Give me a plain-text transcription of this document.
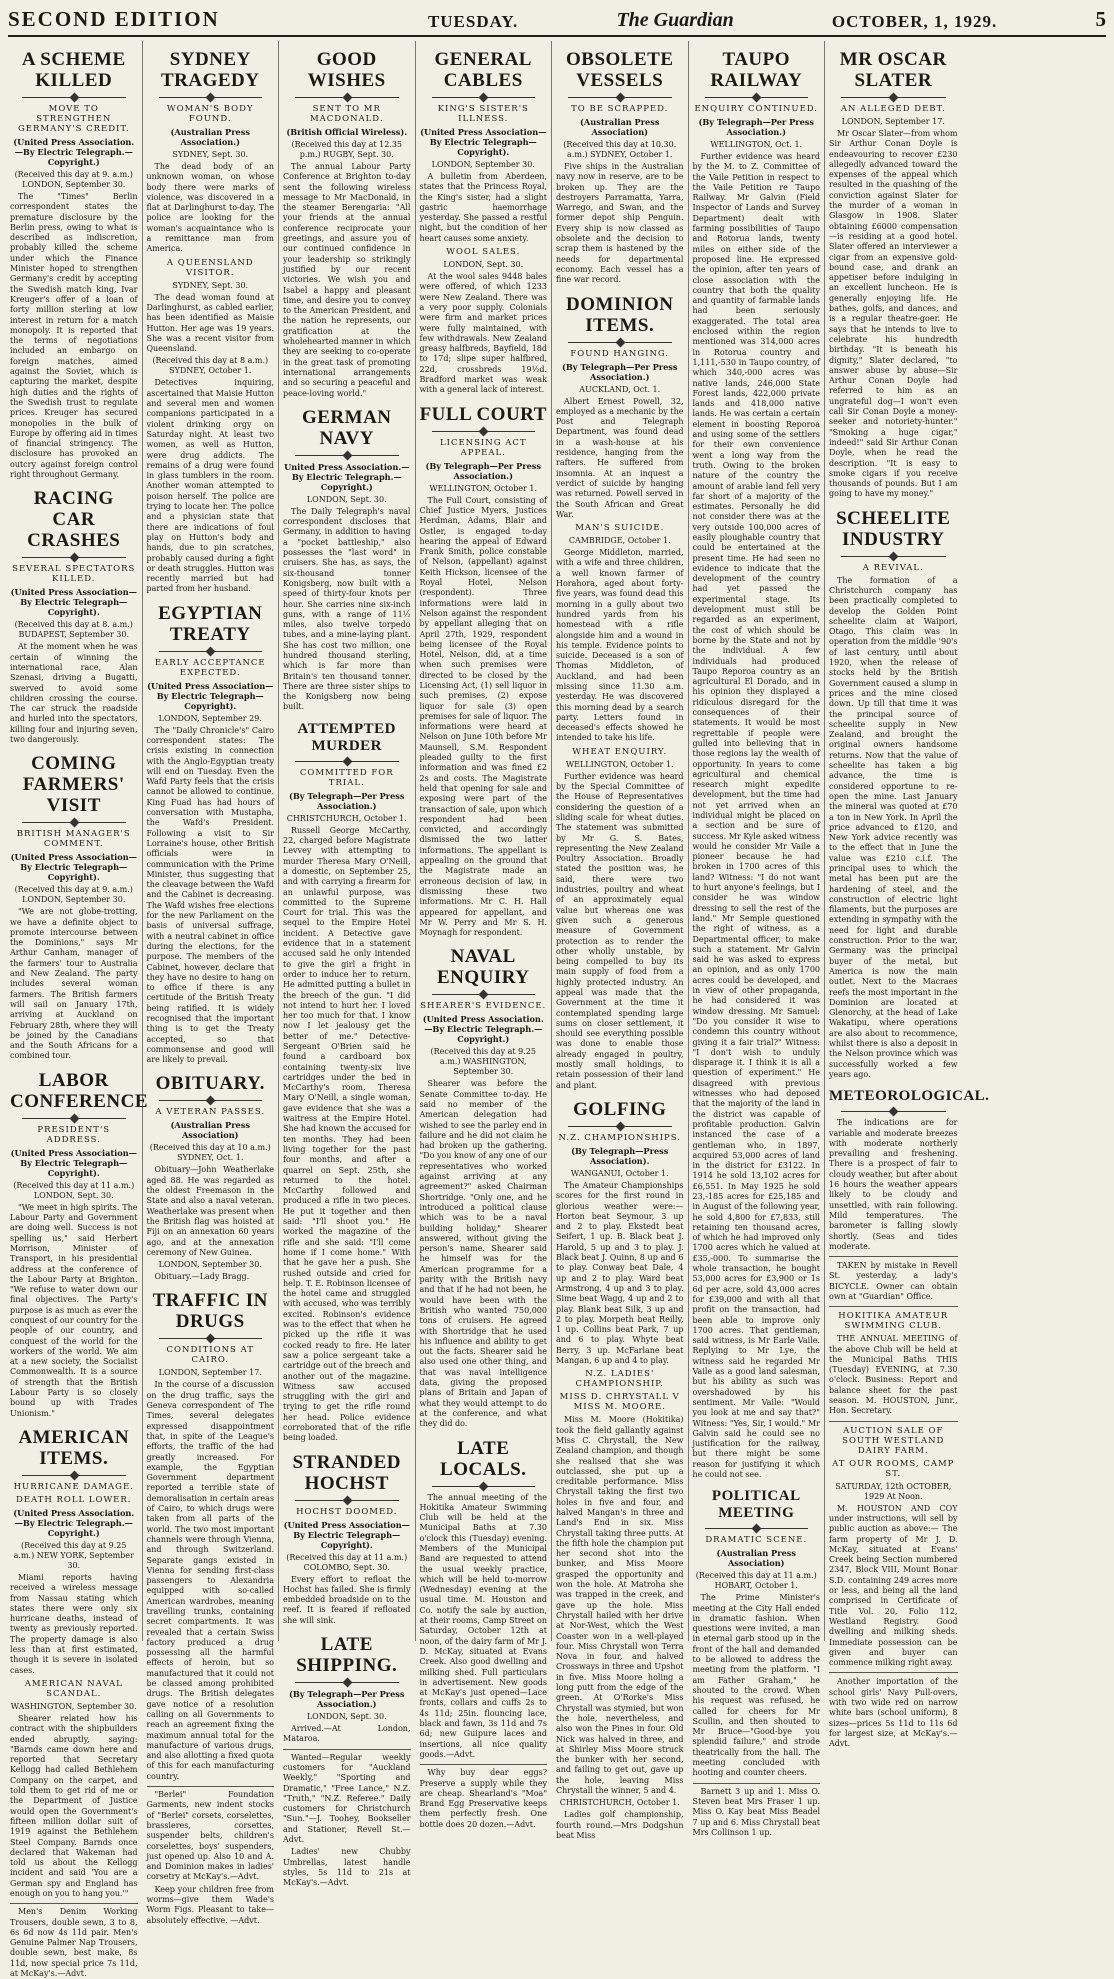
SECOND EDITION	TUESDAY.	The Guardian	OCTOBER, 1, 1929.	5
A SCHEME KILLED
MOVE TO STRENGTHEN GERMANY'S CREDIT.
(United Press Association.—By Electric Telegraph.—Copyright.)
(Received this day at 9. a.m.) LONDON, September 30.

The "Times" Berlin correspondent states the premature disclosure by the Berlin press, owing to what is described as indiscretion, probably killed the scheme under which the Finance Minister hoped to strengthen Germany's credit by accepting the Swedish match king, Ivar Kreuger's offer of a loan of forty million sterling at low interest in return for a match monopoly. It is reported that the terms of negotiations included an embargo on foreign matches, aimed against the Soviet, which is capturing the market, despite high duties and the rights of the Swedish trust to regulate prices. Kreuger has secured monopolies in the bulk of Europe by offering aid in times of financial stringency. The disclosure has provoked an outcry against foreign control right throughout Germany.

RACING CAR CRASHES
SEVERAL SPECTATORS KILLED.
(United Press Association—By Electric Telegraph—Copyright).
(Received this day at 8. a.m.) BUDAPEST, September 30.

At the moment when he was certain of winning the international race, Alan Szenasi, driving a Bugatti, swerved to avoid some children crossing the course. The car struck the roadside and hurled into the spectators, killing four and injuring seven, two dangerously.

COMING FARMERS' VISIT
BRITISH MANAGER'S COMMENT.
(United Press Association—By Electric Telegraph—Copyright).
(Received this day at 9. a.m.) LONDON, September 30.

"We are not globe-trotting, we have a definite object to promote intercourse between the Dominions," says Mr Arthur Canham, manager of the farmers' tour to Australia and New Zealand. The party includes several woman farmers. The British farmers will sail on January 17th, arriving at Auckland on February 28th, where they will be joined by the Canadians and the South Africans for a combined tour.

LABOR CONFERENCE
PRESIDENT'S ADDRESS.
(United Press Association—By Electric Telegraph—Copyright).
(Received this day at 11 a.m.) LONDON, Sept. 30.

"We meet in high spirits. The Labour Party and Government are doing well. Success is not spelling us," said Herbert Morrison, Minister of Transport, in his presidential address at the conference of the Labour Party at Brighton. "We refuse to water down our final objectives. The Party's purpose is as much as ever the conquest of our country for the people of our country, and conquest of the world for the workers of the world. We aim at a new society, the Socialist Commonwealth. It is a source of strength that the British Labour Party is so closely bound up with Trades Unionism."

AMERICAN ITEMS.
HURRICANE DAMAGE.
DEATH ROLL LOWER.
(United Press Association.—By Electric Telegraph.—Copyright.)
(Received this day at 9.25 a.m.) NEW YORK, September 30.

Miami reports having received a wireless message from Nassau stating which states there were only six hurricane deaths, instead of twenty as previously reported. The property damage is also less than at first estimated, though it is severe in isolated cases.

AMERICAN NAVAL SCANDAL.
WASHINGTON, September 30.

Shearer related how his contract with the shipbuilders ended abruptly, saying: "Barnds came down here and reported that Secretary Kellogg had called Bethlehem Company on the carpet, and told them to get rid of me or the Department of Justice would open the Government's fifteen million dollar suit of 1919 against the Bethlehem Steel Company. Barnds once declared that Wakeman had told us about the Kellogg incident and said 'You are a German spy and England has enough on you to hang you.'"

Men's Denim Working Trousers, double sewn, 3 to 8, 6s 6d now 4s 11d pair. Men's Genuine Palmer Nap Trousers, double sewn, best make, 8s 11d, now special price 7s 11d, at McKay's.—Advt.

SYDNEY TRAGEDY
WOMAN'S BODY FOUND.
(Australian Press Association.)
SYDNEY, Sept. 30.

The dead body of an unknown woman, on whose body there were marks of violence, was discovered in a flat at Darlinghurst to-day. The police are looking for the woman's acquaintance who is a remittance man from America.

A QUEENSLAND VISITOR.
SYDNEY, Sept. 30.

The dead woman found at Darlinghurst, as cabled earlier, has been identified as Maisie Hutton. Her age was 19 years. She was a recent visitor from Queensland.

(Received this day at 8 a.m.) SYDNEY, October 1.

Detectives inquiring, ascertained that Maisie Hutton and several men and women companions participated in a violent drinking orgy on Saturday night. At least two women, as well as Hutton, were drug addicts. The remains of a drug were found in glass tumblers in the room. Another woman attempted to poison herself. The police are trying to locate her. The police and a physician state that there are indications of foul play on Hutton's body and hands, due to pin scratches, probably caused during a fight or death struggles. Hutton was recently married but had parted from her husband.

EGYPTIAN TREATY
EARLY ACCEPTANCE EXPECTED.
(United Press Association—By Electric Telegraph—Copyright).
LONDON, September 29.

The "Daily Chronicle's" Cairo correspondent states: The crisis existing in connection with the Anglo-Egyptian treaty will end on Tuesday. Even the Wafd Party feels that the crisis cannot be allowed to continue. King Fuad has had hours of conversation with Mustapha, the Wafd's President. Following a visit to Sir Lorraine's house, other British officials were in communication with the Prime Minister, thus suggesting that the cleavage between the Wafd and the Cabinet is decreasing. The Wafd wishes free elections for the new Parliament on the basis of universal suffrage, with a neutral cabinet in office during the elections, for the purpose. The members of the Cabinet, however, declare that they have no desire to hang on to office if there is any certitude of the British Treaty being ratified. It is widely recognised that the important thing is to get the Treaty accepted, so that commonsense and good will are likely to prevail.

OBITUARY.
A VETERAN PASSES.
(Australian Press Association)
(Received this day at 10 a.m.) SYDNEY, Oct. 1.

Obituary—John Weatherlake aged 88. He was regarded as the oldest Freemason in the State and also a naval veteran. Weatherlake was present when the British flag was hoisted at Fiji on an annexation 60 years ago, and at the annexation ceremony of New Guinea.

LONDON, September 30.

Obituary.—Lady Bragg.

TRAFFIC IN DRUGS
CONDITIONS AT CAIRO.
LONDON, September 17.

In the course of a discussion on the drug traffic, says the Geneva correspondent of The Times, several delegates expressed disappointment that, in spite of the League's efforts, the traffic of the had greatly increased. For example, the Egyptian Government department reported a terrible state of demoralisation in certain areas of Cairo, to which drugs were taken from all parts of the world. The two most important channels were through Vienna, and through Switzerland. Separate gangs existed in Vienna for sending first-class passengers to Alexandria equipped with so-called American wardrobes, meaning travelling trunks, containing secret compartments. It was revealed that a certain Swiss factory produced a drug possessing all the harmful effects of heroin, but so manufactured that it could not be classed among prohibited drugs. The British delegates gave notice of a resolution calling on all Governments to reach an agreement fixing the maximum annual total for the manufacture of various drugs, and also allotting a fixed quota of this for each manufacturing country.

"Berlei" Foundation Garments, new indent stocks of "Berlei" corsets, corselettes, brassieres, corsettes, suspender belts, children's corselettes, boys' suspenders, just opened up. Also 10 and A. and Dominion makes in ladies' corsetry at McKay's.—Advt.

Keep your children free from worms—give them Wade's Worm Figs. Pleasant to take—absolutely effective. —Advt.

GOOD WISHES
SENT TO MR MACDONALD.
(British Official Wireless).
(Received this day at 12.35 p.m.) RUGBY, Sept. 30.

The annual Labour Party Conference at Brighton to-day sent the following wireless message to Mr MacDonald, in the steamer Berengaria: "All your friends at the annual conference reciprocate your greetings, and assure you of our continued confidence in your leadership so strikingly justified by our recent victories. We wish you and Isabel a happy and pleasant time, and desire you to convey to the American President, and the nation he represents, our gratification at the wholehearted manner in which they are seeking to co-operate in the great task of promoting international arrangements and so securing a peaceful and peace-loving world."

GERMAN NAVY
United Press Association.—By Electric Telegraph.—Copyright.)
LONDON, Sept. 30.

The Daily Telegraph's naval correspondent discloses that Germany, in addition to having a "pocket battleship," also possesses the "last word" in cruisers. She has, as says, the six-thousand tonner Konigsberg, now built with a speed of thirty-four knots per hour. She carries nine six-inch guns, with a range of 11½ miles, also twelve torpedo tubes, and a mine-laying plant. She has cost two million, one hundred thousand sterling, which is far more than Britain's ten thousand tonner. There are three sister ships to the Konigsberg now being built.

ATTEMPTED MURDER
COMMITTED FOR TRIAL.
(By Telegraph—Per Press Association.)
CHRISTCHURCH, October 1.

Russell George McCarthy, 22, charged before Magistrate Levvey with attempting to murder Theresa Mary O'Neill, a domestic, on September 25, and with carrying a firearm for an unlawful purpose, was committed to the Supreme Court for trial. This was the sequel to the Empire Hotel incident. A Detective gave evidence that in a statement accused said he only intended to give the girl a fright in order to induce her to return. He admitted putting a bullet in the breech of the gun. "I did not intend to hurt her. I loved her too much for that. I know now I let jealousy get the better of me." Detective-Sergeant O'Brien said he found a cardboard box containing twenty-six live cartridges under the bed in McCarthy's room. Theresa Mary O'Neill, a single woman, gave evidence that she was a waitress at the Empire Hotel. She had known the accused for ten months. They had been living together for the past four months, and after a quarrel on Sept. 25th, she returned to the hotel. McCarthy followed and produced a rifle in two pieces. He put it together and then said: "I'll shoot you." He worked the magazine of the rifle and she said: "I'll come home if I come home." With that he gave her a push. She rushed outside and cried for help. T. E. Robinson licensee of the hotel came and struggled with accused, who was terribly excited. Robinson's evidence was to the effect that when he picked up the rifle it was cocked ready to fire. He later saw a police sergeant take a cartridge out of the breech and another out of the magazine. Witness saw accused struggling with the girl and trying to get the rifle round her head. Police evidence corroborated that of the rifle being loaded.

STRANDED HOCHST
HOCHST DOOMED.
(United Press Association—By Electric Telegraph—Copyright).
(Received this day at 11 a.m.) COLOMBO, Sept. 30.

Every effort to refloat the Hochst has failed. She is firmly embedded broadside on to the reef. It is feared if refloated she will sink.

LATE SHIPPING.
(By Telegraph—Per Press Association.)
LONDON, Sept. 30.

Arrived.—At London, Mataroa.

Wanted—Regular weekly customers for "Auckland Weekly," "Sporting and Dramatic," "Free Lance," N.Z. "Truth," "N.Z. Referee." Daily customers for Christchurch "Sun."—J. Toohey, Bookseller and Stationer, Revell St.—Advt.

Ladies' new Chubby Umbrellas, latest handle styles, 5s 11d to 21s at McKay's.—Advt.

GENERAL CABLES
KING'S SISTER'S ILLNESS.
(United Press Association—By Electric Telegraph—Copyright).
LONDON, September 30.

A bulletin from Aberdeen, states that the Princess Royal, the King's sister, had a slight gastric haemorrhage yesterday. She passed a restful night, but the condition of her heart causes some anxiety.

WOOL SALES.
LONDON, Sept. 30.

At the wool sales 9448 bales were offered, of which 1233 were New Zealand. There was a very poor supply. Colonials were firm and market prices were fully maintained, with few withdrawals. New Zealand greasy halfbreds, Bayfield, 18d to 17d; slipe super halfbred, 22d, crossbreds 19½d. Bradford market was weak with a general lack of interest.

FULL COURT
LICENSING ACT APPEAL.
(By Telegraph—Per Press Association.)
WELLINGTON, October 1.

The Full Court, consisting of Chief Justice Myers, Justices Herdman, Adams, Blair and Ostler, is engaged to-day hearing the appeal of Edward Frank Smith, police constable of Nelson, (appellant) against Keith Hickson, licensee of the Royal Hotel, Nelson (respondent). Three informations were laid in Nelson against the respondent by appellant alleging that on April 27th, 1929, respondent being licensee of the Royal Hotel, Nelson, did, at a time when such premises were directed to be closed by the Licensing Act, (1) sell liquor in such premises, (2) expose liquor for sale (3) open premises for sale of liquor. The informations were heard at Nelson on June 10th before Mr Maunsell, S.M. Respondent pleaded guilty to the first information and was fined £2 2s and costs. The Magistrate held that opening for sale and exposing were part of the transaction of sale, upon which respondent had been convicted, and accordingly dismissed the two latter informations. The appellant is appealing on the ground that the Magistrate made an erroneous decision of law, in dismissing these two informations. Mr C. H. Hall appeared for appellant, and Mr W. Perry and Mr S. H. Moynagh for respondent.

NAVAL ENQUIRY
SHEARER'S EVIDENCE.
(United Press Association.—By Electric Telegraph.—Copyright.)
(Received this day at 9.25 a.m.) WASHINGTON, September 30.

Shearer was before the Senate Committee to-day. He said no member of the American delegation had wished to see the parley end in failure and he did not claim he had broken up the gathering. "Do you know of any one of our representatives who worked against arriving at any agreement?" asked Chairman Shortridge. "Only one, and he introduced a political clause which was to be a naval building holiday," Shearer answered, without giving the person's name. Shearer said he himself was for the American programme for a parity with the British navy and that if he had not been, he would have been with the British who wanted 750,000 tons of cruisers. He agreed with Shortridge that he used his influence and ability to get out the facts. Shearer said he also used one other thing, and that was naval intelligence data, giving the proposed plans of Britain and Japan of what they would attempt to do at the conference, and what they did do.

LATE LOCALS.

The annual meeting of the Hokitika Amateur Swimming Club will be held at the Municipal Baths at 7.30 o'clock this (Tuesday) evening. Members of the Municipal Band are requested to attend the usual weekly practice, which will be held to-morrow (Wednesday) evening at the usual time. M. Houston and Co. notify the sale by auction, at their rooms, Camp Street on Saturday, October 12th at noon, of the dairy farm of Mr J. D. McKay, situated at Evans Creek. Also good dwelling and milking shed. Full particulars in advertisement. New goods at McKay's just opened—Lace fronts, collars and cuffs 2s to 4s 11d; 25in. flouncing lace, black and fawn, 3s 11d and 7s 6d; new Guipure laces and insertions, all nice quality goods.—Advt.

Why buy dear eggs? Preserve a supply while they are cheap. Shearland's "Moa" Brand Egg Preservative keeps them perfectly fresh. One bottle does 20 dozen.—Advt.

OBSOLETE VESSELS
TO BE SCRAPPED.
(Australian Press Association)
(Received this day at 10.30. a.m.) SYDNEY, October 1.

Five ships in the Australian navy now in reserve, are to be broken up. They are the destroyers Parramatta, Yarra, Warrego, and Swan, and the former depot ship Penguin. Every ship is now classed as obsolete and the decision to scrap them is hastened by the needs for departmental economy. Each vessel has a fine war record.

DOMINION ITEMS.
FOUND HANGING.
(By Telegraph—Per Press Association.)
AUCKLAND, Oct. 1.

Albert Ernest Powell, 32, employed as a mechanic by the Post and Telegraph Department, was found dead in a wash-house at his residence, hanging from the rafters. He suffered from insomnia. At an inquest a verdict of suicide by hanging was returned. Powell served in the South African and Great War.

MAN'S SUICIDE.
CAMBRIDGE, October 1.

George Middleton, married, with a wife and three children, a well known farmer of Horahora, aged about forty-five years, was found dead this morning in a gully about two hundred yards from his homestead with a rifle alongside him and a wound in his temple. Evidence points to suicide. Deceased is a son of Thomas Middleton, of Auckland, and had been missing since 11.30 a.m. yesterday. He was discovered this morning dead by a search party. Letters found in deceased's effects showed he intended to take his life.

WHEAT ENQUIRY.
WELLINGTON, October 1.

Further evidence was heard by the Special Committee of the House of Representatives considering the question of a sliding scale for wheat duties. The statement was submitted by Mr G. S. Bates, representing the New Zealand Poultry Association. Broadly stated the position was, he said, there were two industries, poultry and wheat of an approximately equal value but whereas one was given such a generous measure of Government protection as to render the other wholly unstable, by being compelled to buy its main supply of food from a highly protected industry. An appeal was made that the Government at the time it contemplated spending large sums on closer settlement, it should see everything possible was done to enable those already engaged in poultry, mostly small holdings, to retain possession of their land and plant.

GOLFING
N.Z. CHAMPIONSHIPS.
(By Telegraph—Press Association).
WANGANUI, October 1.

The Amateur Championships scores for the first round in glorious weather were:— Horton beat Seymour, 3 up and 2 to play. Ekstedt beat Seifert, 1 up. B. Black beat J. Harold, 5 up and 3 to play. J. Black beat J. Quinn, 8 up and 6 to play. Conway beat Dale, 4 up and 2 to play. Ward beat Armstrong, 4 up and 3 to play. Sime beat Wagg, 4 up and 2 to play. Blank beat Silk, 3 up and 2 to play. Morpeth beat Reilly, 1 up. Collins beat Park, 7 up and 6 to play. Whyte beat Berry, 3 up. McFarlane beat Mangan, 6 up and 4 to play.

N.Z. LADIES' CHAMPIONSHIP.
MISS D. CHRYSTALL V MISS M. MOORE.

Miss M. Moore (Hokitika) took the field gallantly against Miss C. Chrystall, the New Zealand champion, and though she realised that she was outclassed, she put up a creditable performance. Miss Chrystall taking the first two holes in five and four, and halved Mangan's in three and Land's End in six. Miss Chrystall taking three putts. At the fifth hole the champion put her second shot into the bunker, and Miss Moore grasped the opportunity and won the hole. At Matroha she was trapped in the creek, and gave up the hole. Miss Chrystall hailed with her drive at Nor-West, which the West Coaster won in a well-played four. Miss Chrystall won Terra Nova in four, and halved Crossways in three and Upshot in five. Miss Moore holing a long putt from the edge of the green. At O'Rorke's Miss Chrystall was stymied, but won the hole, nevertheless, and also won the Pines in four. Old Nick was halved in three, and at Shirley Miss Moore struck the bunker with her second, and failing to get out, gave up the hole, leaving Miss Chrystall the winner, 5 and 4.

CHRISTCHURCH, October 1.

Ladies golf championship, fourth round.—Mrs Dodgshun beat Miss

TAUPO RAILWAY
ENQUIRY CONTINUED.
(By Telegraph—Per Press Association.)
WELLINGTON, Oct. 1.

Further evidence was heard by the M. to Z. Committee of the Vaile Petition in respect to the Vaile Petition re Taupo Railway. Mr Galvin (Field Inspector of Lands and Survey Department) dealt with farming possibilities of Taupo and Rotorua lands, twenty miles on either side of the proposed line. He expressed the opinion, after ten years of close association with the country that both the quality and quantity of farmable lands had been seriously exaggerated. The total area enclosed within the region mentioned was 314,000 acres in Rotorua country and 1,111,-530 in Taupo country, of which 340,-000 acres was native lands, 246,000 State Forest lands, 422,000 private lands and 418,000 native lands. He was certain a certain element in boosting Reporoa and using some of the settlers for their own convenience went a long way from the truth. Owing to the broken nature of the country the amount of arable land fell very far short of a majority of the estimates. Personally he did not consider there was at the very outside 100,000 acres of easily ploughable country that could be entertained at the present time. He had seen no evidence to indicate that the development of the country had yet passed the experimental stage. Its development must still be regarded as an experiment, the cost of which should be borne by the State and not by the individual. A few individuals had produced Taupo Reporoa country as an agricultural El Dorado, and in his opinion they displayed a ridiculous disregard for the consequences of their statements. It would be most regrettable if people were gulled into believing that in those regions lay the wealth of opportunity. In years to come agricultural and chemical research might expedite development, but the time had not yet arrived when an individual might be placed on a section and be sure of success. Mr Kyle asked witness would he consider Mr Vaile a pioneer because he had broken in 1700 acres of this land? Witness: "I do not want to hurt anyone's feelings, but I consider he was window dressing to sell the rest of the land." Mr Semple questioned the right of witness, as a Departmental officer, to make such a statement. Mr Galvin said he was asked to express an opinion, and as only 1700 acres could be developed, and in view of other propaganda, he had considered it was window dressing. Mr Samuel: "Do you consider it wise to condemn this country without giving it a fair trial?" Witness: "I don't wish to unduly disparage it. I think it is all a question of experiment." He disagreed with previous witnesses who had deposed that the majority of the land in the district was capable of profitable production. Galvin instanced the case of a gentleman who, in 1897, acquired 53,000 acres of land in the district for £3122. In 1914 he sold 13,102 acres for £6,551. In May 1925 he sold 23,-185 acres for £25,185 and in August of the following year, he sold 4,800 for £7,833, still retaining ten thousand acres, of which he had improved only 1700 acres which he valued at £35,-000. To summarise the whole transaction, he bought 53,000 acres for £3,900 or 1s 6d per acre, sold 43,000 acres for £39,000 and with all that profit on the transaction, had been able to improve only 1700 acres. That gentleman, said witness, is Mr Earle Vaile. Replying to Mr Lye, the witness said he regarded Mr Vaile as a good land salesman, but his ability as such was overshadowed by his sentiment. Mr Vaile: "Would you look at me and say that?" Witness: "Yes, Sir, I would." Mr Galvin said he could see no justification for the railway, but there might be some reason for justifying it which he could not see.

POLITICAL MEETING
DRAMATIC SCENE.
(Australian Press Association)
(Received this day at 11 a.m.) HOBART, October 1.

The Prime Minister's meeting at the City Hall ended in dramatic fashion. When questions were invited, a man in eternal garb stood up in the front of the hall and demanded to be allowed to address the meeting from the platform. "I am Father Graham," he shouted to the crowd. When his request was refused, he called for cheers for Mr Scullin, and then shouted to Mr Bruce—"Good-bye you splendid failure," and strode theatrically from the hall. The meeting concluded with hooting and counter cheers.

Barnett 3 up and 1. Miss O. Steven beat Mrs Fraser 1 up. Miss O. Kay beat Miss Beadel 7 up and 6. Miss Chrystall beat Mrs Collinson 1 up.

MR OSCAR SLATER
AN ALLEGED DEBT.
LONDON, September 17.

Mr Oscar Slater—from whom Sir Arthur Conan Doyle is endeavouring to recover £230 allegedly advanced toward the expenses of the appeal which resulted in the quashing of the conviction against Slater for the murder of a woman in Glasgow in 1908. Slater obtaining £6000 compensation—is residing at a good hotel. Slater offered an interviewer a cigar from an expensive gold-bound case, and drank an appetiser before indulging in an excellent luncheon. He is generally enjoying life. He bathes, golfs, and dances, and is a regular theatre-goer. He says that he intends to live to celebrate his hundredth birthday. "It is beneath his dignity," Slater declared, "to answer abuse by abuse—Sir Arthur Conan Doyle had referred to him as an ungrateful dog—I won't even call Sir Conan Doyle a money-seeker and notoriety-hunter." "Smoking a huge cigar," indeed!" said Sir Arthur Conan Doyle, when he read the description. "It is easy to smoke cigars if you receive thousands of pounds. But I am going to have my money."

SCHEELITE INDUSTRY
A REVIVAL.

The formation of a Christchurch company has been practically completed to develop the Golden Point scheelite claim at Waipori, Otago. This claim was in operation from the middle '90's of last century, until about 1920, when the release of stocks held by the British Government caused a slump in prices and the mine closed down. Up till that time it was the principal source of scheelite supply in New Zealand, and brought the original owners handsome returns. Now that the value of scheelite has taken a big advance, the time is considered opportune to re-open the mine. Last January the mineral was quoted at £70 a ton in New York. In April the price advanced to £120, and New York advice recently was to the effect that in June the value was £210 c.i.f. The principal uses to which the metal has been put are the hardening of steel, and the construction of electric light filaments, but the purposes are extending in sympathy with the need for light and durable construction. Prior to the war, Germany was the principal buyer of the metal, but America is now the main outlet. Next to the Macraes reefs the most important in the Dominion are located at Glenorchy, at the head of Lake Wakatipu, where operations are also about to recommence, whilst there is also a deposit in the Nelson province which was successfully worked a few years ago.

METEOROLOGICAL.

The indications are for variable and moderate breezes with moderate northerly prevailing and freshening. There is a prospect of fair to cloudy weather, but after about 16 hours the weather appears likely to be cloudy and unsettled, with rain following. Mild temperatures. The barometer is falling slowly shortly. (Seas and tides moderate.

TAKEN by mistake in Revell St. yesterday, a lady's BICYCLE. Owner can obtain own at "Guardian" Office.

HOKITIKA AMATEUR SWIMMING CLUB.

THE ANNUAL MEETING of the above Club will be held at the Municipal Baths THIS (Tuesday) EVENING, at 7.30 o'clock. Business: Report and balance sheet for the past season. M. HOUSTON, Junr., Hon. Secretary.

AUCTION SALE OF SOUTH WESTLAND DAIRY FARM.
AT OUR ROOMS, CAMP ST.
SATURDAY, 12th OCTOBER, 1929 At Noon.

M. HOUSTON AND COY under instructions, will sell by public auction as above:— The farm property of Mr J. D. McKay, situated at Evans' Creek being Section numbered 2347, Block VIII, Mount Bonar S.D. containing 249 acres more or less, and being all the land comprised in Certificate of Title Vol. 20, Folio 112, Westland Registry. Good dwelling and milking sheds. Immediate possession can be given and buyer can commence milking right away.

Another importation of the school girls' Navy Pull-overs, with two wide red on narrow white bars (school uniform), 8 sizes—prices 5s 11d to 11s 6d for largest size, at McKay's.—Advt.
